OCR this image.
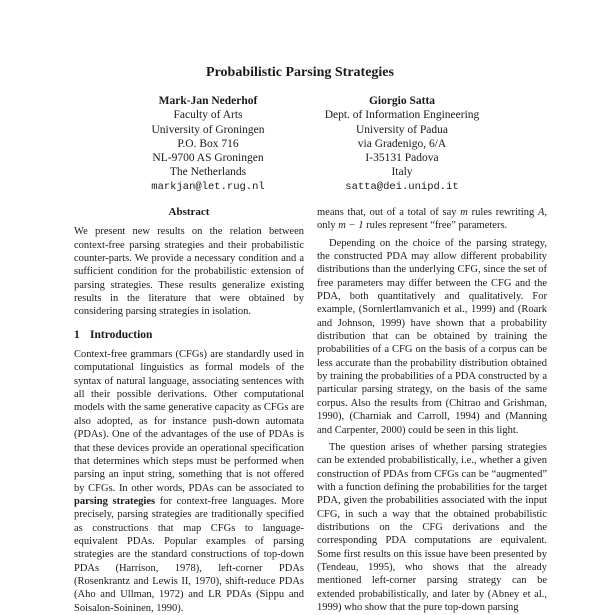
Probabilistic Parsing Strategies
Mark-Jan Nederhof
Faculty of Arts
University of Groningen
P.O. Box 716
NL-9700 AS Groningen
The Netherlands
markjan@let.rug.nl
Giorgio Satta
Dept. of Information Engineering
University of Padua
via Gradenigo, 6/A
I-35131 Padova
Italy
satta@dei.unipd.it
Abstract

We present new results on the relation between context-free parsing strategies and their probabilistic counter-parts. We provide a necessary condition and a sufficient condition for the probabilistic extension of parsing strategies. These results generalize existing results in the literature that were obtained by considering parsing strategies in isolation.

1 Introduction

Context-free grammars (CFGs) are standardly used in computational linguistics as formal models of the syntax of natural language, associating sentences with all their possible derivations. Other computational models with the same generative capacity as CFGs are also adopted, as for instance push-down automata (PDAs). One of the advantages of the use of PDAs is that these devices provide an operational specification that determines which steps must be performed when parsing an input string, something that is not offered by CFGs. In other words, PDAs can be associated to parsing strategies for context-free languages. More precisely, parsing strategies are traditionally specified as constructions that map CFGs to language-equivalent PDAs. Popular examples of parsing strategies are the standard constructions of top-down PDAs (Harrison, 1978), left-corner PDAs (Rosenkrantz and Lewis II, 1970), shift-reduce PDAs (Aho and Ullman, 1972) and LR PDAs (Sippu and Soisalon-Soininen, 1990).

means that, out of a total of say m rules rewriting A, only m − 1 rules represent “free” parameters.

Depending on the choice of the parsing strategy, the constructed PDA may allow different probability distributions than the underlying CFG, since the set of free parameters may differ between the CFG and the PDA, both quantitatively and qualitatively. For example, (Sornlertlamvanich et al., 1999) and (Roark and Johnson, 1999) have shown that a probability distribution that can be obtained by training the probabilities of a CFG on the basis of a corpus can be less accurate than the probability distribution obtained by training the probabilities of a PDA constructed by a particular parsing strategy, on the basis of the same corpus. Also the results from (Chitrao and Grishman, 1990), (Charniak and Carroll, 1994) and (Manning and Carpenter, 2000) could be seen in this light.

The question arises of whether parsing strategies can be extended probabilistically, i.e., whether a given construction of PDAs from CFGs can be “augmented” with a function defining the probabilities for the target PDA, given the probabilities associated with the input CFG, in such a way that the obtained probabilistic distributions on the CFG derivations and the corresponding PDA computations are equivalent. Some first results on this issue have been presented by (Tendeau, 1995), who shows that the already mentioned left-corner parsing strategy can be extended probabilistically, and later by (Abney et al., 1999) who show that the pure top-down parsing
